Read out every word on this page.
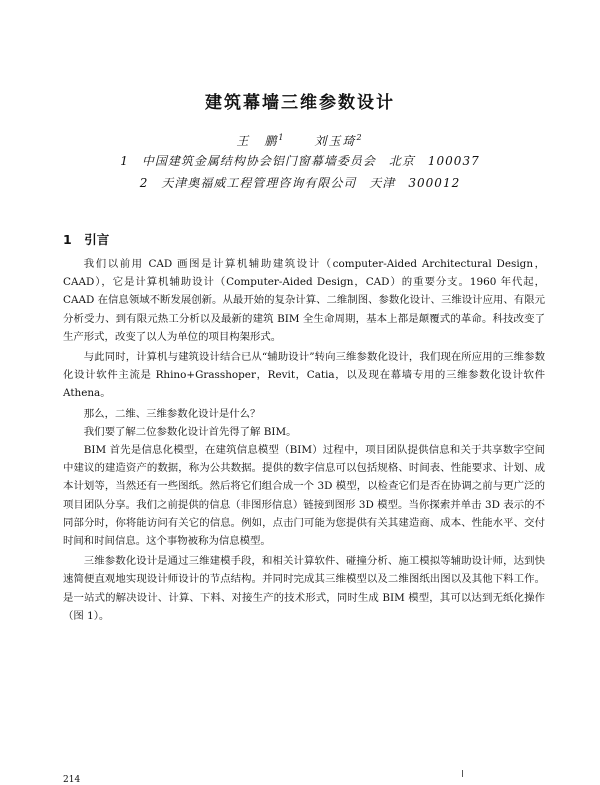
建筑幕墙三维参数设计
王　鹏$^1$ 刘玉琦$^2$
1　中国建筑金属结构协会铝门窗幕墙委员会　北京　100037
2　天津奥福威工程管理咨询有限公司　天津　300012
1　引言

我们以前用 CAD 画图是计算机辅助建筑设计（computer-Aided Architectural Design，CAAD），它是计算机辅助设计（Computer-Aided Design，CAD）的重要分支。1960 年代起，CAAD 在信息领域不断发展创新。从最开始的复杂计算、二维制图、参数化设计、三维设计应用、有限元分析受力、到有限元热工分析以及最新的建筑 BIM 全生命周期，基本上都是颠覆式的革命。科技改变了生产形式，改变了以人为单位的项目构架形式。

与此同时，计算机与建筑设计结合已从“辅助设计”转向三维参数化设计，我们现在所应用的三维参数化设计软件主流是 Rhino+Grasshoper，Revit，Catia，以及现在幕墙专用的三维参数化设计软件 Athena。

那么，二维、三维参数化设计是什么？

我们要了解二位参数化设计首先得了解 BIM。

BIM 首先是信息化模型，在建筑信息模型（BIM）过程中，项目团队提供信息和关于共享数字空间中建议的建造资产的数据，称为公共数据。提供的数字信息可以包括规格、时间表、性能要求、计划、成本计划等，当然还有一些图纸。然后将它们组合成一个 3D 模型，以检查它们是否在协调之前与更广泛的项目团队分享。我们之前提供的信息（非图形信息）链接到图形 3D 模型。当你探索并单击 3D 表示的不同部分时，你将能访问有关它的信息。例如，点击门可能为您提供有关其建造商、成本、性能水平、交付时间和时间信息。这个事物被称为信息模型。

三维参数化设计是通过三维建模手段，和相关计算软件、碰撞分析、施工模拟等辅助设计师，达到快速简便直观地实现设计师设计的节点结构。并同时完成其三维模型以及二维图纸出图以及其他下料工作。是一站式的解决设计、计算、下料、对接生产的技术形式，同时生成 BIM 模型，其可以达到无纸化操作（图 1）。

214
